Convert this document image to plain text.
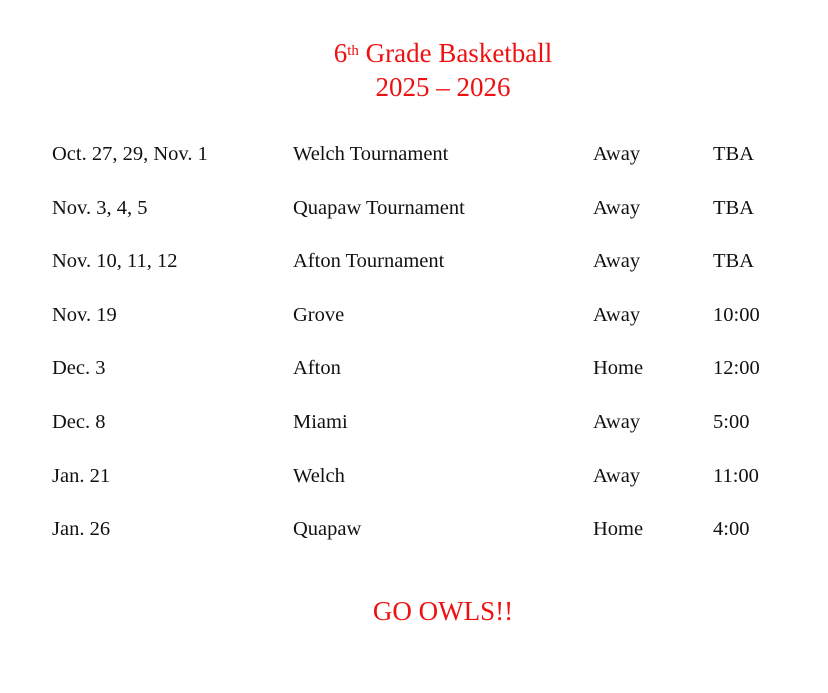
6th Grade Basketball
2025 – 2026
Oct. 27, 29, Nov. 1	Welch Tournament	Away	TBA
Nov. 3, 4, 5	Quapaw Tournament	Away	TBA
Nov. 10, 11, 12	Afton Tournament	Away	TBA
Nov. 19	Grove	Away	10:00
Dec. 3	Afton	Home	12:00
Dec. 8	Miami	Away	5:00
Jan. 21	Welch	Away	11:00
Jan. 26	Quapaw	Home	4:00
GO OWLS!!
